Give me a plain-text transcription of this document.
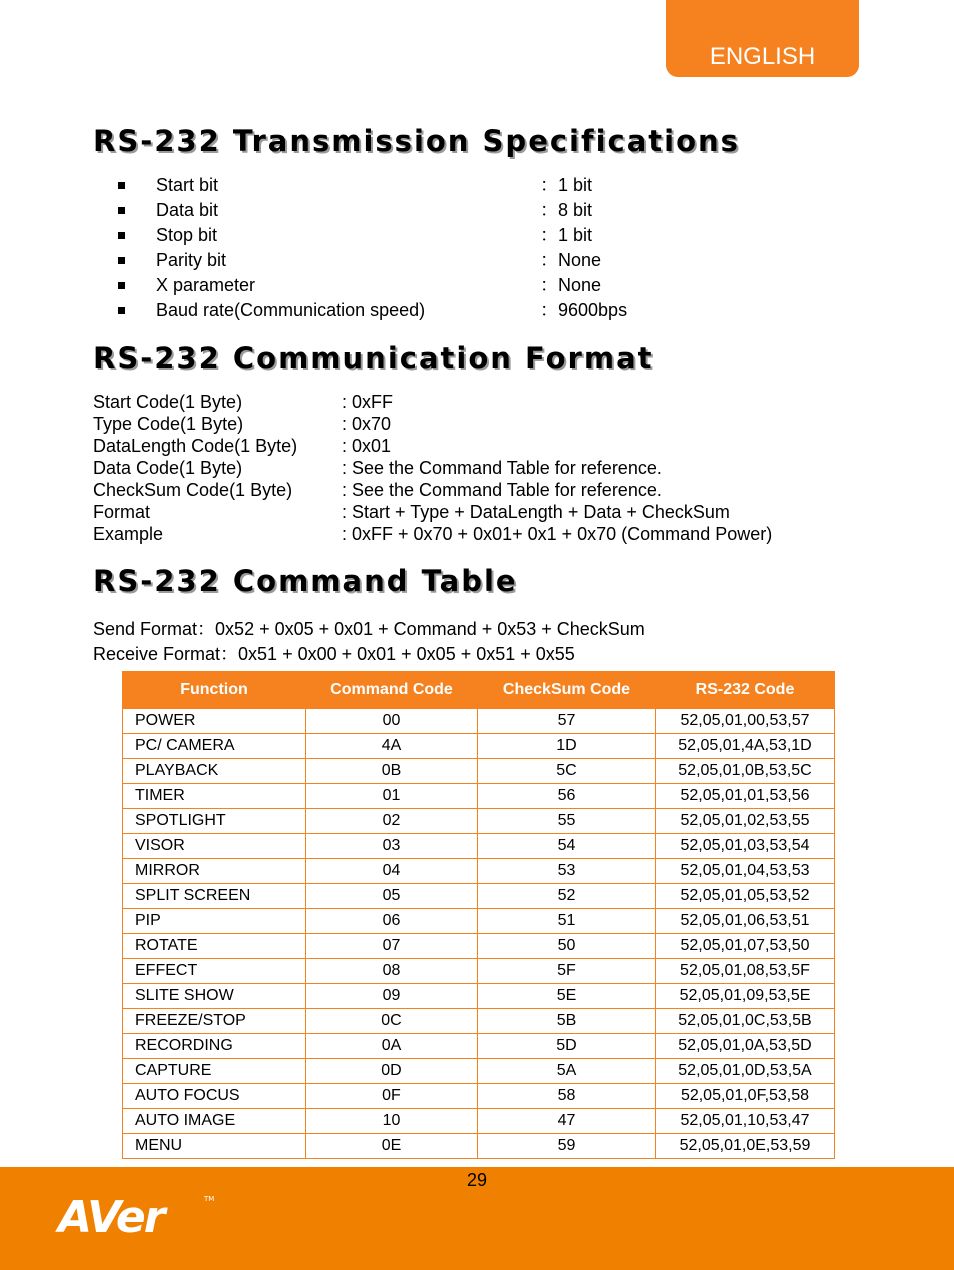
ENGLISH
RS-232 Transmission Specifications
Start bit	：1 bit
Data bit	：8 bit
Stop bit	：1 bit
Parity bit	：None
X parameter	：None
Baud rate(Communication speed)	：9600bps
RS-232 Communication Format
Start Code(1 Byte)	: 0xFF
Type Code(1 Byte)	: 0x70
DataLength Code(1 Byte) : 0x01
Data Code(1 Byte)	: See the Command Table for reference.
CheckSum Code(1 Byte)	: See the Command Table for reference.
Format	: Start + Type + DataLength + Data + CheckSum
Example	: 0xFF + 0x70 + 0x01+ 0x1 + 0x70 (Command Power)
RS-232 Command Table
Send Format：0x52 + 0x05 + 0x01 + Command + 0x53 + CheckSum
Receive Format：0x51 + 0x00 + 0x01 + 0x05 + 0x51 + 0x55
Function	Command Code	CheckSum Code	RS-232 Code
POWER	00	57	52,05,01,00,53,57
PC/ CAMERA	4A	1D	52,05,01,4A,53,1D
PLAYBACK	0B	5C	52,05,01,0B,53,5C
TIMER	01	56	52,05,01,01,53,56
SPOTLIGHT	02	55	52,05,01,02,53,55
VISOR	03	54	52,05,01,03,53,54
MIRROR	04	53	52,05,01,04,53,53
SPLIT SCREEN	05	52	52,05,01,05,53,52
PIP	06	51	52,05,01,06,53,51
ROTATE	07	50	52,05,01,07,53,50
EFFECT	08	5F	52,05,01,08,53,5F
SLITE SHOW	09	5E	52,05,01,09,53,5E
FREEZE/STOP	0C	5B	52,05,01,0C,53,5B
RECORDING	0A	5D	52,05,01,0A,53,5D
CAPTURE	0D	5A	52,05,01,0D,53,5A
AUTO FOCUS	0F	58	52,05,01,0F,53,58
AUTO IMAGE	10	47	52,05,01,10,53,47
MENU	0E	59	52,05,01,0E,53,59
29
AVer	TM
